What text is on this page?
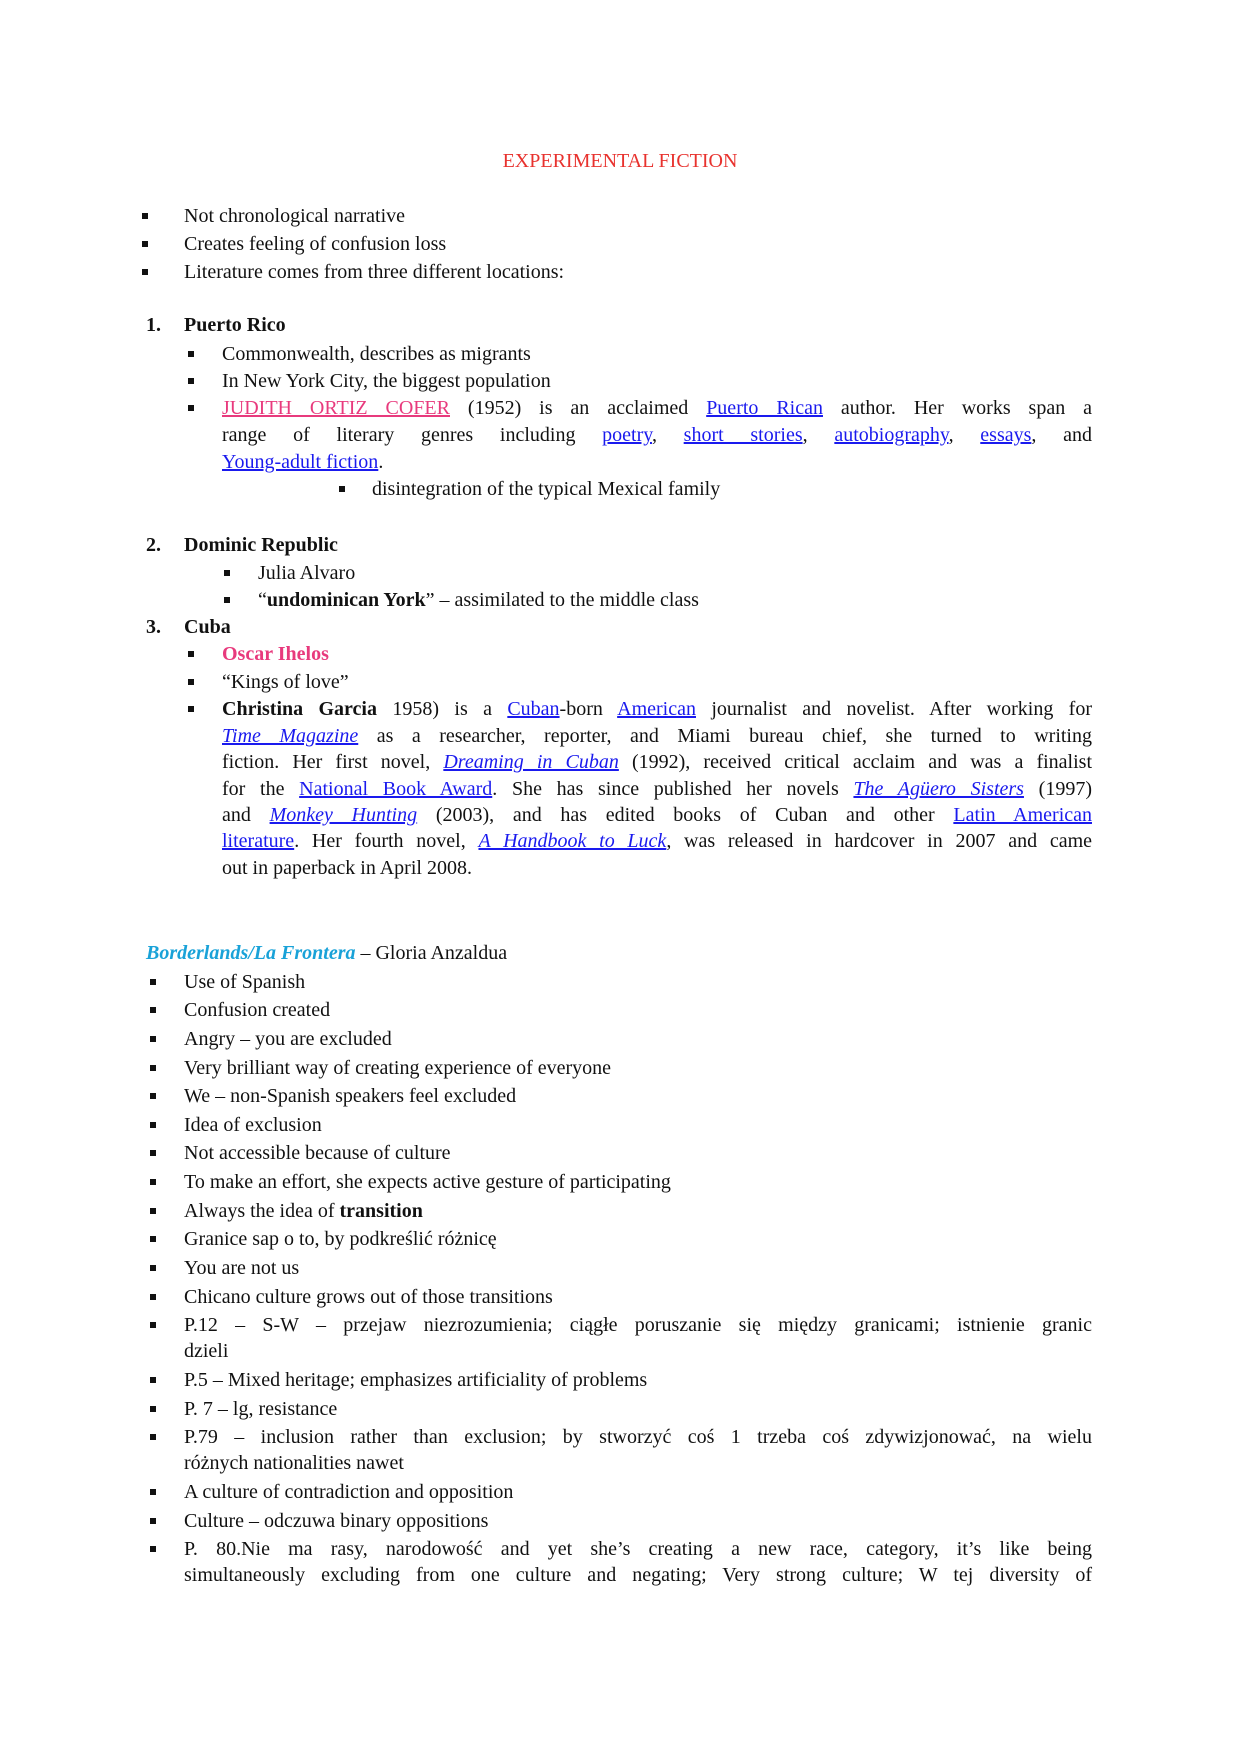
EXPERIMENTAL FICTION
Not chronological narrative
Creates feeling of confusion loss
Literature comes from three different locations:
1. Puerto Rico
Commonwealth, describes as migrants
In New York City, the biggest population
JUDITH ORTIZ COFER (1952) is an acclaimed Puerto Rican author. Her works span a
range of literary genres including poetry, short stories, autobiography, essays, and
Young-adult fiction.
disintegration of the typical Mexical family
2. Dominic Republic
Julia Alvaro
“undominican York” – assimilated to the middle class
3. Cuba
Oscar Ihelos
“Kings of love”
Christina Garcia 1958) is a Cuban-born American journalist and novelist. After working for
Time Magazine as a researcher, reporter, and Miami bureau chief, she turned to writing
fiction. Her first novel, Dreaming in Cuban (1992), received critical acclaim and was a finalist
for the National Book Award. She has since published her novels The Agüero Sisters (1997)
and Monkey Hunting (2003), and has edited books of Cuban and other Latin American
literature. Her fourth novel, A Handbook to Luck, was released in hardcover in 2007 and came
out in paperback in April 2008.
Borderlands/La Frontera – Gloria Anzaldua
Use of Spanish
Confusion created
Angry – you are excluded
Very brilliant way of creating experience of everyone
We – non-Spanish speakers feel excluded
Idea of exclusion
Not accessible because of culture
To make an effort, she expects active gesture of participating
Always the idea of transition
Granice sap o to, by podkreślić różnicę
You are not us
Chicano culture grows out of those transitions
P.12 – S-W – przejaw niezrozumienia; ciągłe poruszanie się między granicami; istnienie granic
dzieli
P.5 – Mixed heritage; emphasizes artificiality of problems
P. 7 – lg, resistance
P.79 – inclusion rather than exclusion; by stworzyć coś 1 trzeba coś zdywizjonować, na wielu
różnych nationalities nawet
A culture of contradiction and opposition
Culture – odczuwa binary oppositions
P. 80.Nie ma rasy, narodowość and yet she’s creating a new race, category, it’s like being
simultaneously excluding from one culture and negating; Very strong culture; W tej diversity of
